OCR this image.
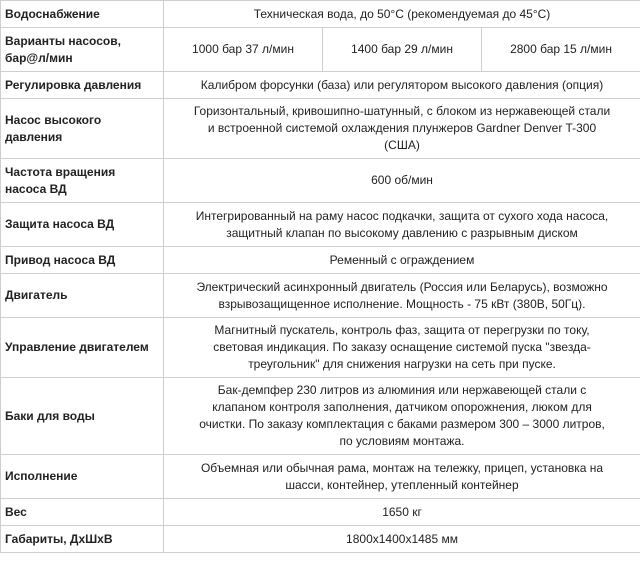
Водоснабжение	Техническая вода, до 50°C (рекомендуемая до 45°C)		

Варианты насосов,
бар@л/мин	1000 бар 37 л/мин	1400 бар 29 л/мин	2800 бар 15 л/мин
Регулировка давления	Калибром форсунки (база) или регулятором высокого давления (опция)		

Насос высокого
давления	Горизонтальный, кривошипно-шатунный, с блоком из нержавеющей стали
и встроенной системой охлаждения плунжеров Gardner Denver T-300
(США)		

Частота вращения
насоса ВД	600 об/мин		

Защита насоса ВД	Интегрированный на раму насос подкачки, защита от сухого хода насоса,
защитный клапан по высокому давлению с разрывным диском		

Привод насоса ВД	Ременный с ограждением		

Двигатель	Электрический асинхронный двигатель (Россия или Беларусь), возможно
взрывозащищенное исполнение. Мощность - 75 кВт (380В, 50Гц).		

Управление двигателем	Магнитный пускатель, контроль фаз, защита от перегрузки по току,
световая индикация. По заказу оснащение системой пуска "звезда-
треугольник" для снижения нагрузки на сеть при пуске.		

Баки для воды	Бак-демпфер 230 литров из алюминия или нержавеющей стали с
клапаном контроля заполнения, датчиком опорожнения, люком для
очистки. По заказу комплектация с баками размером 300 – 3000 литров,
по условиям монтажа.		

Исполнение	Объемная или обычная рама, монтаж на тележку, прицеп, установка на
шасси, контейнер, утепленный контейнер		

Вес	1650 кг		

Габариты, ДхШхВ	1800x1400x1485 мм		
